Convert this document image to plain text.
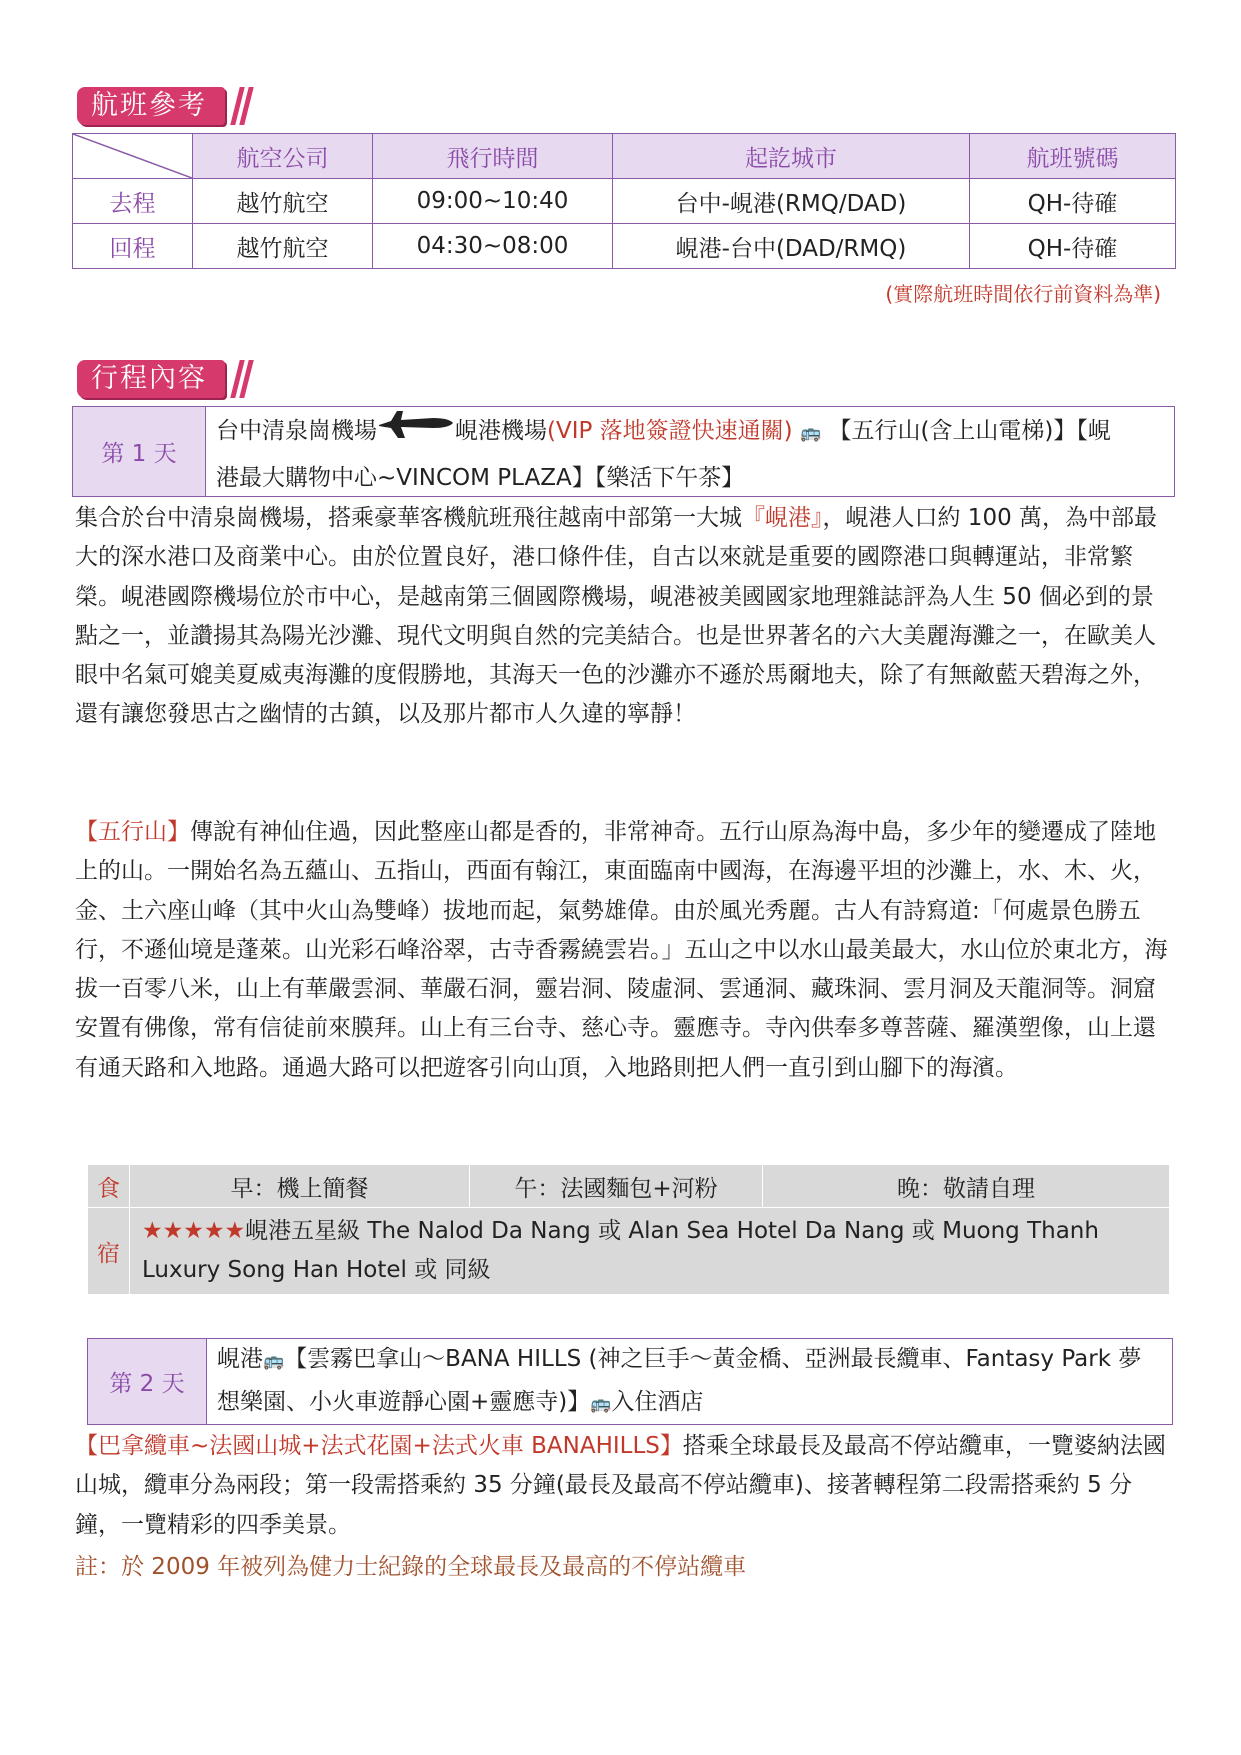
航班參考
	航空公司	飛行時間	起訖城市	航班號碼
去程	越竹航空	09:00~10:40	台中-峴港(RMQ/DAD)	QH-待確
回程	越竹航空	04:30~08:00	峴港-台中(DAD/RMQ)	QH-待確
(實際航班時間依行前資料為準)
行程內容
第 1 天
台中清泉崗機場	峴港機場(VIP 落地簽證快速通關) 🚌 【五行山(含上山電梯)】【峴
港最大購物中心~VINCOM PLAZA】【樂活下午茶】
集合於台中清泉崗機場，搭乘豪華客機航班飛往越南中部第一大城『峴港』，峴港人口約 100 萬，為中部最大的深水港口及商業中心。由於位置良好，港口條件佳，自古以來就是重要的國際港口與轉運站，非常繁榮。峴港國際機場位於市中心，是越南第三個國際機場，峴港被美國國家地理雜誌評為人生 50 個必到的景點之一，並讚揚其為陽光沙灘、現代文明與自然的完美結合。也是世界著名的六大美麗海灘之一，在歐美人眼中名氣可媲美夏威夷海灘的度假勝地，其海天一色的沙灘亦不遜於馬爾地夫，除了有無敵藍天碧海之外，還有讓您發思古之幽情的古鎮，以及那片都市人久違的寧靜！
【五行山】傳說有神仙住過，因此整座山都是香的，非常神奇。五行山原為海中島，多少年的變遷成了陸地上的山。一開始名為五蘊山、五指山，西面有翰江，東面臨南中國海，在海邊平坦的沙灘上，水、木、火，金、土六座山峰（其中火山為雙峰）拔地而起，氣勢雄偉。由於風光秀麗。古人有詩寫道:「何處景色勝五行，不遜仙境是蓬萊。山光彩石峰浴翠，古寺香霧繞雲岩。」五山之中以水山最美最大，水山位於東北方，海拔一百零八米，山上有華嚴雲洞、華嚴石洞，靈岩洞、陵虛洞、雲通洞、藏珠洞、雲月洞及天龍洞等。洞窟安置有佛像，常有信徒前來膜拜。山上有三台寺、慈心寺。靈應寺。寺內供奉多尊菩薩、羅漢塑像，山上還有通天路和入地路。通過大路可以把遊客引向山頂，入地路則把人們一直引到山腳下的海濱。
食	早：機上簡餐	午：法國麵包+河粉	晚：敬請自理
宿	★★★★★峴港五星級 The Nalod Da Nang 或 Alan Sea Hotel Da Nang 或 Muong Thanh Luxury Song Han Hotel 或 同級		
第 2 天
峴港🚌【雲霧巴拿山～BANA HILLS (神之巨手～黃金橋、亞洲最長纜車、Fantasy Park 夢想樂園、小火車遊靜心園+靈應寺)】🚌入住酒店
【巴拿纜車~法國山城+法式花園+法式火車 BANAHILLS】搭乘全球最長及最高不停站纜車，一覽婆納法國山城，纜車分為兩段；第一段需搭乘約 35 分鐘(最長及最高不停站纜車)、接著轉程第二段需搭乘約 5 分鐘，一覽精彩的四季美景。
註：於 2009 年被列為健力士紀錄的全球最長及最高的不停站纜車
